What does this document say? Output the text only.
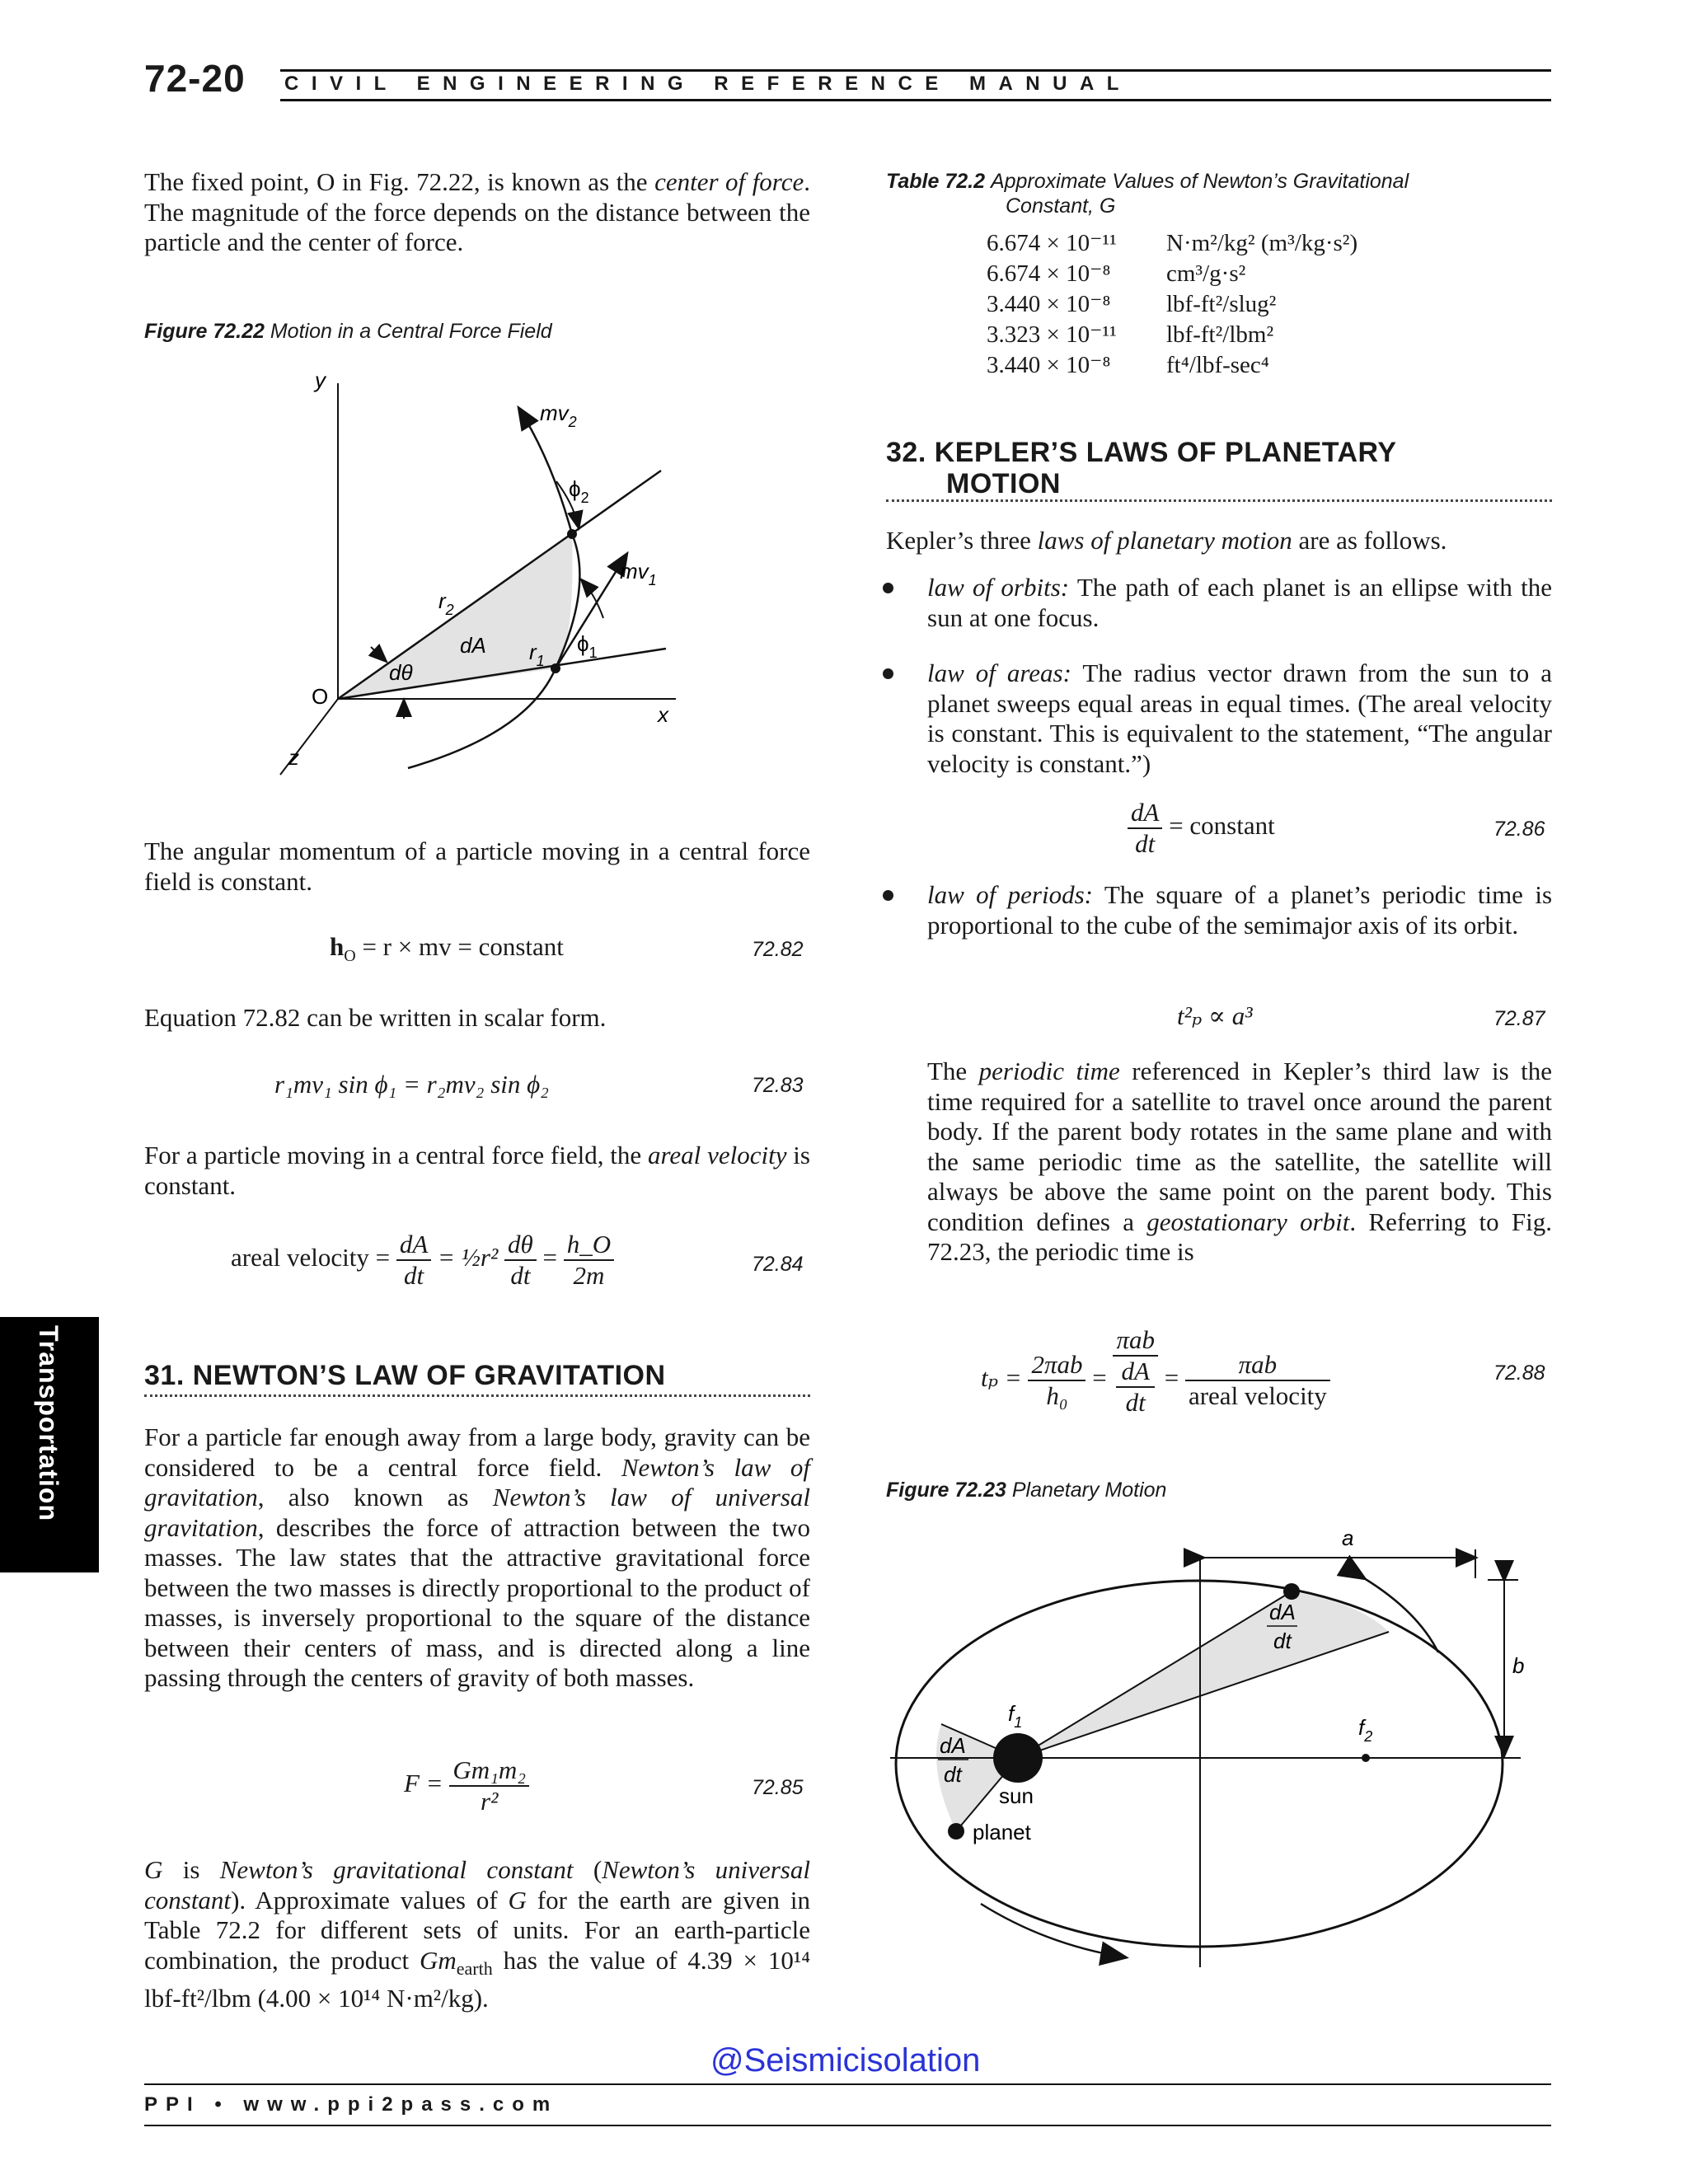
72-20 CIVIL ENGINEERING REFERENCE MANUAL
Transportation
The fixed point, O in Fig. 72.22, is known as the center of force. The magnitude of the force depends on the distance between the particle and the center of force.
Figure 72.22 Motion in a Central Force Field
y
x
z
O
$mv_2$
$mv_1$
$\phi_2$
$\phi_1$
$r_2$
$r_1$
dA
dθ
The angular momentum of a particle moving in a central force field is constant.
$h_O = r$ × mv = constant	72.82
Equation 72.82 can be written in scalar form.
r₁mv₁ sin ϕ₁ = r₂mv₂ sin ϕ₂	72.83
For a particle moving in a central force field, the areal velocity is constant.
areal velocity = $\frac{dA}{dt}$ = ½r² $\frac{d\theta}{dt} = \frac{h\_O}{2m}$	72.84
31. NEWTON’S LAW OF GRAVITATION
For a particle far enough away from a large body, gravity can be considered to be a central force field. Newton’s law of gravitation, also known as Newton’s law of universal gravitation, describes the force of attraction between the two masses. The law states that the attractive gravitational force between the two masses is directly proportional to the product of masses, is inversely proportional to the square of the distance between their centers of mass, and is directed along a line passing through the centers of gravity of both masses.
$F = \frac{\text{Gm₁m₂}}{\text{r²}}$	72.85
G is Newton’s gravitational constant (Newton’s universal constant). Approximate values of G for the earth are given in Table 72.2 for different sets of units. For an earth-particle combination, the product $Gm_{earth}$ has the value of 4.39 × 10¹⁴ lbf-ft²/lbm (4.00 × 10¹⁴ N·m²/kg).
Table 72.2 Approximate Values of Newton’s Gravitational
Constant, G
6.674 × 10⁻¹¹	N·m²/kg² (m³/kg·s²)
6.674 × 10⁻⁸	cm³/g·s²
3.440 × 10⁻⁸	lbf-ft²/slug²
3.323 × 10⁻¹¹	lbf-ft²/lbm²
3.440 × 10⁻⁸	ft⁴/lbf-sec⁴
32. KEPLER’S LAWS OF PLANETARY
MOTION
Kepler’s three laws of planetary motion are as follows.
law of orbits: The path of each planet is an ellipse with the sun at one focus.
law of areas: The radius vector drawn from the sun to a planet sweeps equal areas in equal times. (The areal velocity is constant. This is equivalent to the statement, “The angular velocity is constant.”)
$\frac{dA}{dt}$ = constant	72.86
law of periods: The square of a planet’s periodic time is proportional to the cube of the semimajor axis of its orbit.
t²ₚ ∝ a³	72.87
The periodic time referenced in Kepler’s third law is the time required for a satellite to travel once around the parent body. If the parent body rotates in the same plane and with the same periodic time as the satellite, the satellite will always be above the same point on the parent body. This condition defines a geostationary orbit. Referring to Fig. 72.23, the periodic time is
$t_p = \frac{\text{2πab}}{\text{h₀}} = \pi ab$
dA
dt = $\frac{\text{πab}}{\text{areal velocity}}$	72.88
Figure 72.23 Planetary Motion
a
b
$f_1$	$f_2$
sun
planet
dA
dt
dA
dt
@Seismicisolation
PPI • www.ppi2pass.com
